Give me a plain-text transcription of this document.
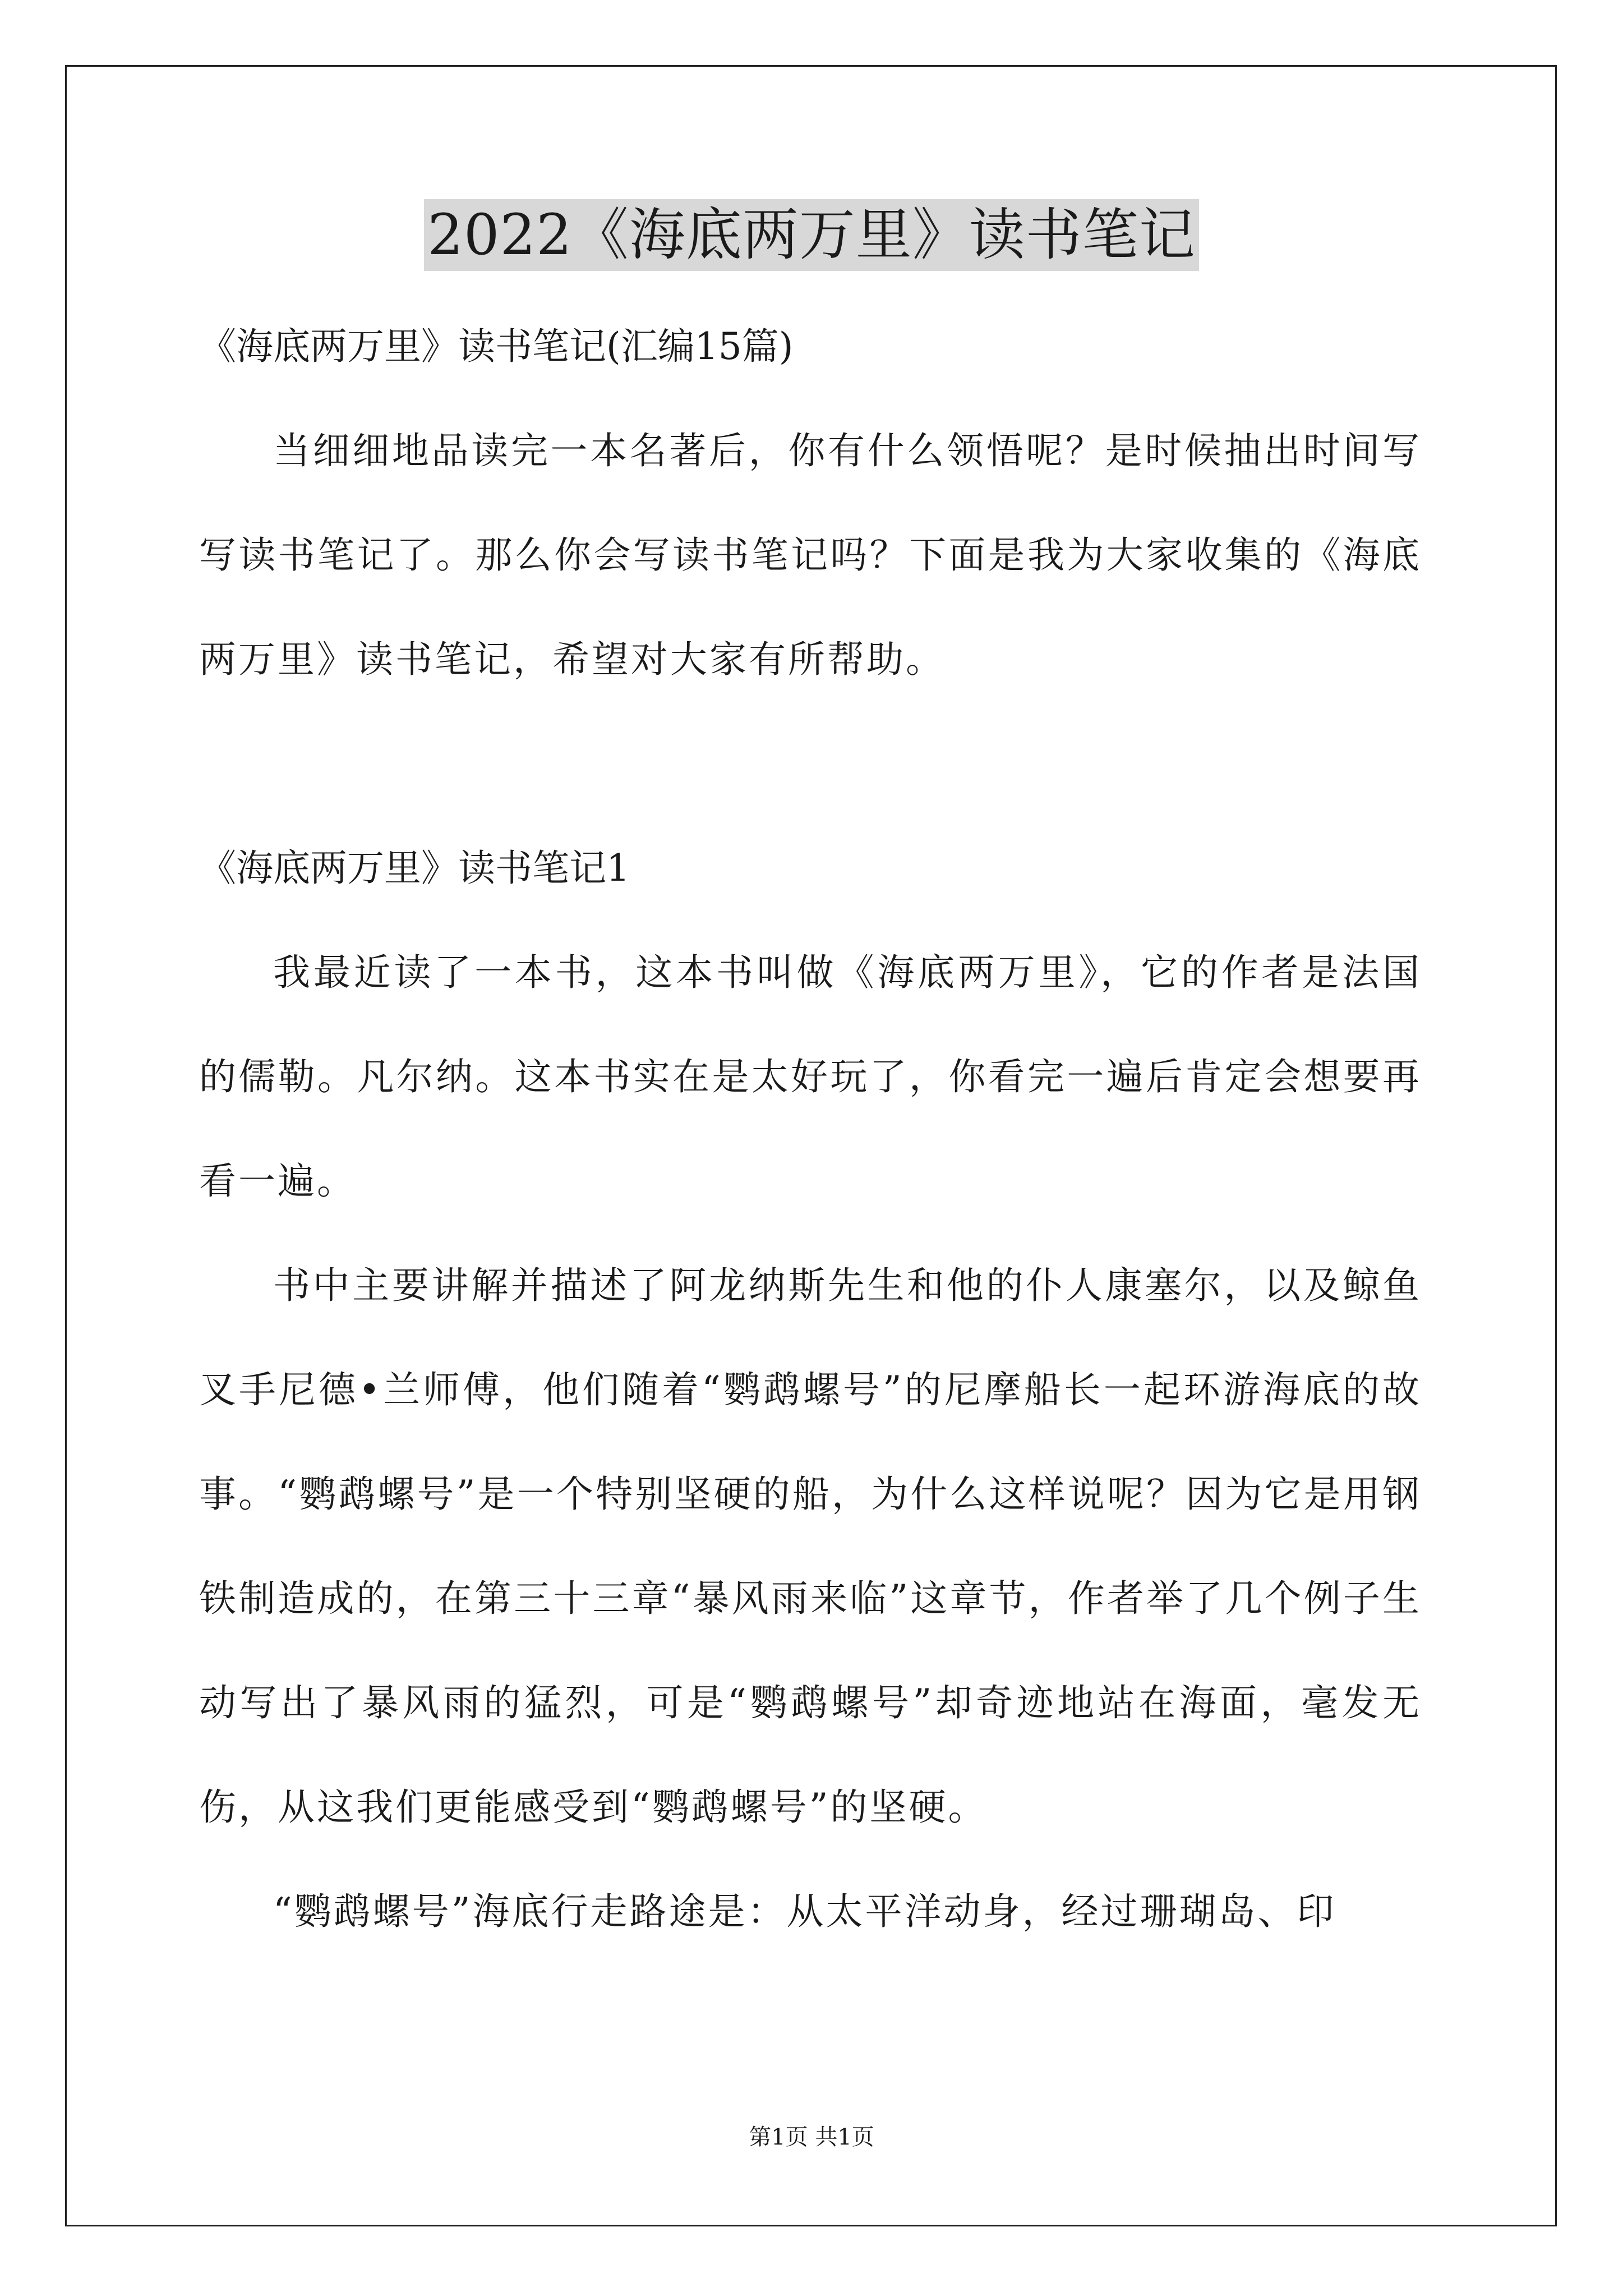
2022《海底两万里》读书笔记

《海底两万里》读书笔记(汇编15篇)

当细细地品读完一本名著后，你有什么领悟呢？是时候抽出时间写写读书笔记了。那么你会写读书笔记吗？下面是我为大家收集的《海底两万里》读书笔记，希望对大家有所帮助。

《海底两万里》读书笔记1

我最近读了一本书，这本书叫做《海底两万里》，它的作者是法国的儒勒。凡尔纳。这本书实在是太好玩了，你看完一遍后肯定会想要再看一遍。

书中主要讲解并描述了阿龙纳斯先生和他的仆人康塞尔，以及鲸鱼叉手尼德•兰师傅，他们随着“鹦鹉螺号”的尼摩船长一起环游海底的故事。“鹦鹉螺号”是一个特别坚硬的船，为什么这样说呢？因为它是用钢铁制造成的，在第三十三章“暴风雨来临”这章节，作者举了几个例子生动写出了暴风雨的猛烈，可是“鹦鹉螺号”却奇迹地站在海面，毫发无伤，从这我们更能感受到“鹦鹉螺号”的坚硬。

“鹦鹉螺号”海底行走路途是：从太平洋动身，经过珊瑚岛、印

第1页 共1页
